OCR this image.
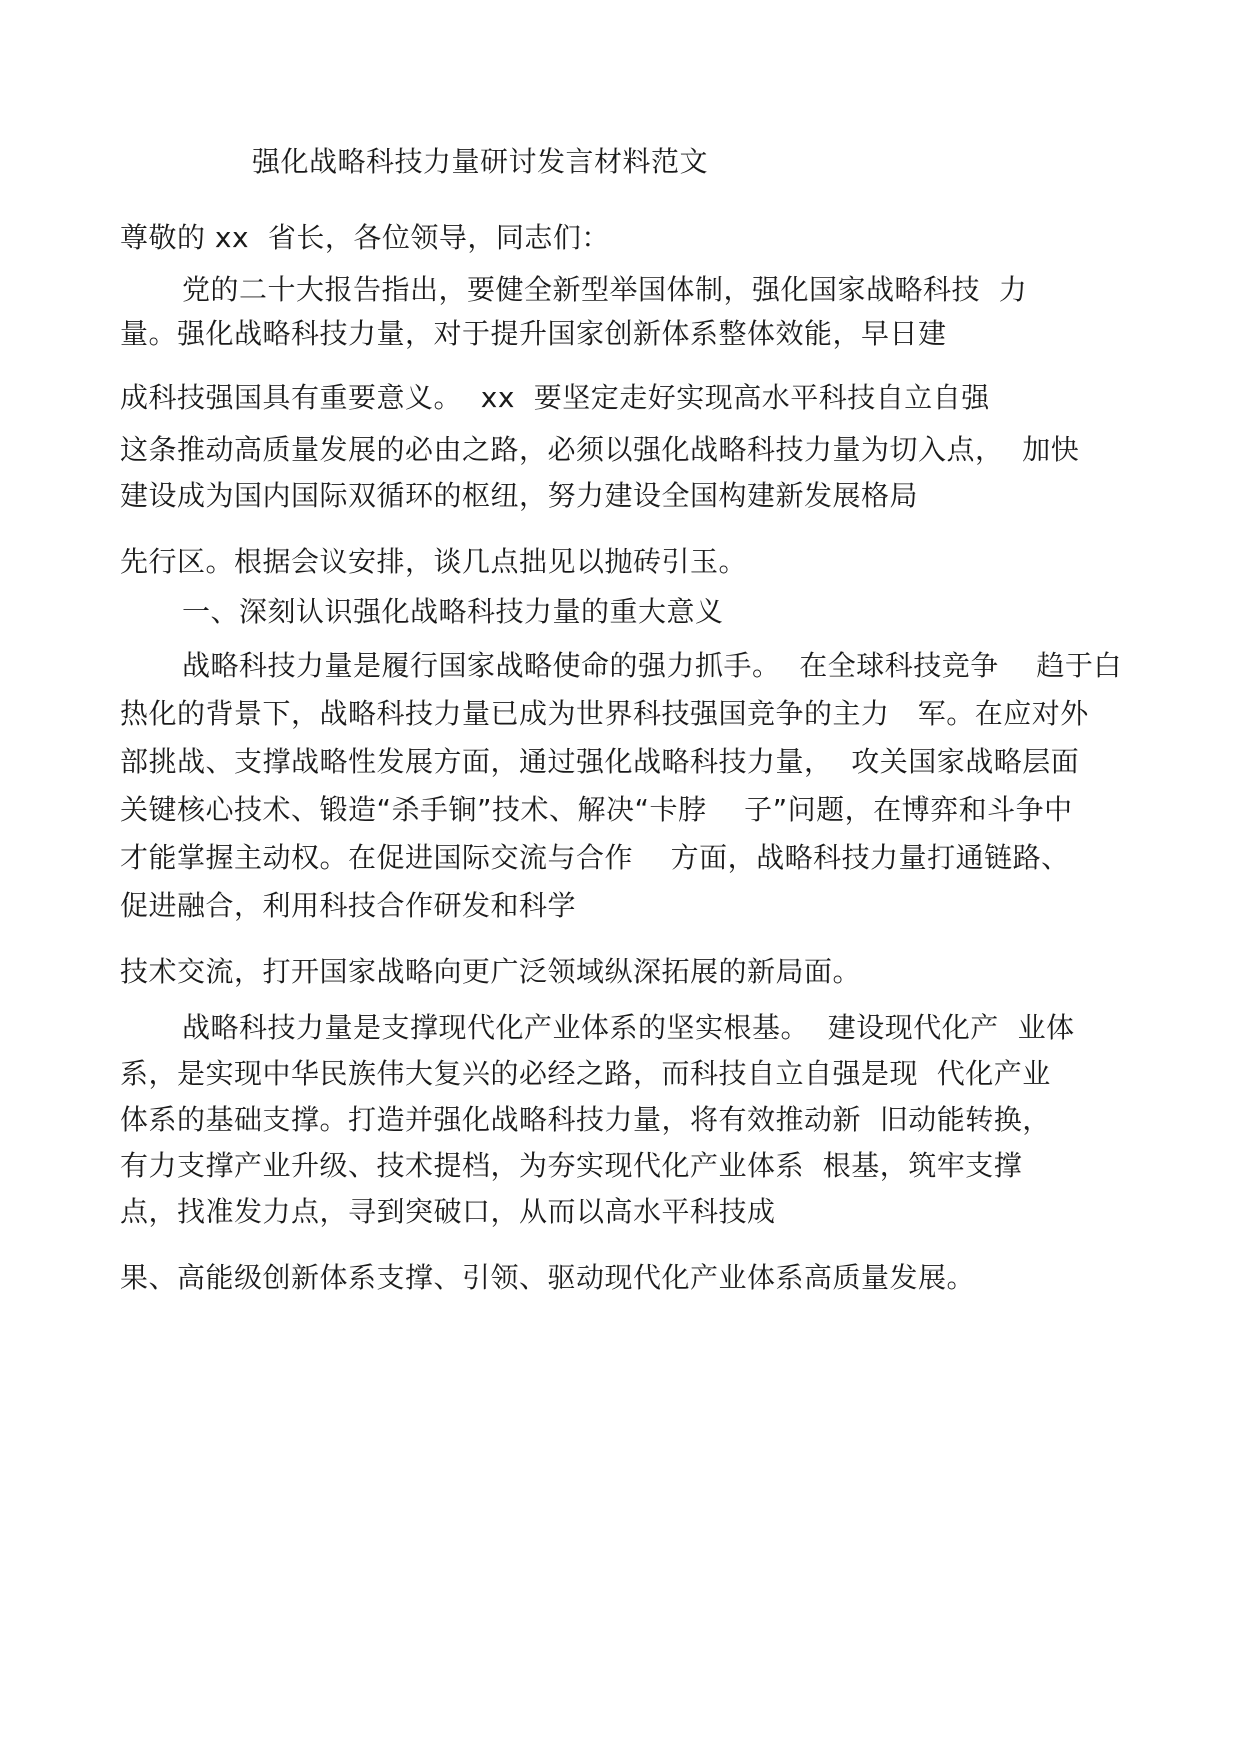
强化战略科技力量研讨发言材料范文
尊敬的 xx  省长，各位领导，同志们：
党的二十大报告指出，要健全新型举国体制，强化国家战略科技  力
量。强化战略科技力量，对于提升国家创新体系整体效能，早日建
成科技强国具有重要意义。  xx  要坚定走好实现高水平科技自立自强
这条推动高质量发展的必由之路，必须以强化战略科技力量为切入点，  加快
建设成为国内国际双循环的枢纽，努力建设全国构建新发展格局
先行区。根据会议安排，谈几点拙见以抛砖引玉。
一、深刻认识强化战略科技力量的重大意义
战略科技力量是履行国家战略使命的强力抓手。  在全球科技竞争    趋于白
热化的背景下，战略科技力量已成为世界科技强国竞争的主力   军。在应对外
部挑战、支撑战略性发展方面，通过强化战略科技力量，  攻关国家战略层面
关键核心技术、锻造“杀手锏”技术、解决“卡脖    子”问题，在博弈和斗争中
才能掌握主动权。在促进国际交流与合作    方面，战略科技力量打通链路、
促进融合，利用科技合作研发和科学
技术交流，打开国家战略向更广泛领域纵深拓展的新局面。
战略科技力量是支撑现代化产业体系的坚实根基。  建设现代化产  业体
系，是实现中华民族伟大复兴的必经之路，而科技自立自强是现  代化产业
体系的基础支撑。打造并强化战略科技力量，将有效推动新  旧动能转换，
有力支撑产业升级、技术提档，为夯实现代化产业体系  根基，筑牢支撑
点，找准发力点，寻到突破口，从而以高水平科技成
果、高能级创新体系支撑、引领、驱动现代化产业体系高质量发展。
